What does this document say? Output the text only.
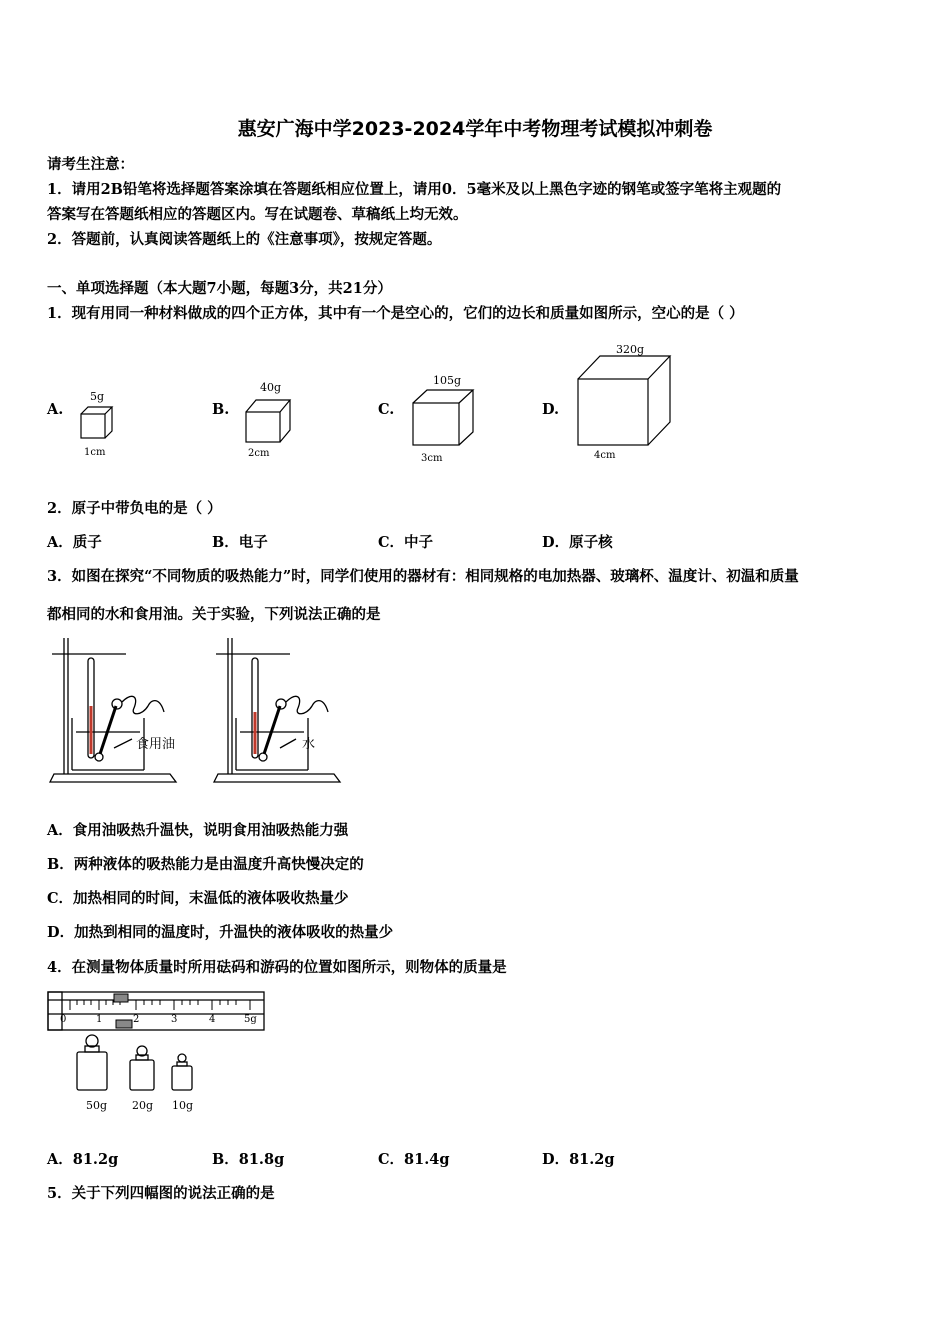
惠安广海中学2023-2024学年中考物理考试模拟冲刺卷
请考生注意：
1．请用2B铅笔将选择题答案涂填在答题纸相应位置上，请用0．5毫米及以上黑色字迹的钢笔或签字笔将主观题的
答案写在答题纸相应的答题区内。写在试题卷、草稿纸上均无效。
2．答题前，认真阅读答题纸上的《注意事项》，按规定答题。
一、单项选择题（本大题7小题，每题3分，共21分）
1．现有用同一种材料做成的四个正方体，其中有一个是空心的，它们的边长和质量如图所示，空心的是（ ）
A.
5g
1cm
B.
40g
2cm
C.
105g
3cm
D.
320g
4cm
2．原子中带负电的是（ ）
A．质子	B．电子	C．中子	D．原子核
3．如图在探究“不同物质的吸热能力”时，同学们使用的器材有：相同规格的电加热器、玻璃杯、温度计、初温和质量
都相同的水和食用油。关于实验，下列说法正确的是
食用油	水
A．食用油吸热升温快，说明食用油吸热能力强
B．两种液体的吸热能力是由温度升高快慢决定的
C．加热相同的时间，末温低的液体吸收热量少
D．加热到相同的温度时，升温快的液体吸收的热量少
4．在测量物体质量时所用砝码和游码的位置如图所示，则物体的质量是
0	1	2	3	4	5g
50g 20g 10g
A．81.2g	B．81.8g	C．81.4g	D．81.2g
5．关于下列四幅图的说法正确的是
